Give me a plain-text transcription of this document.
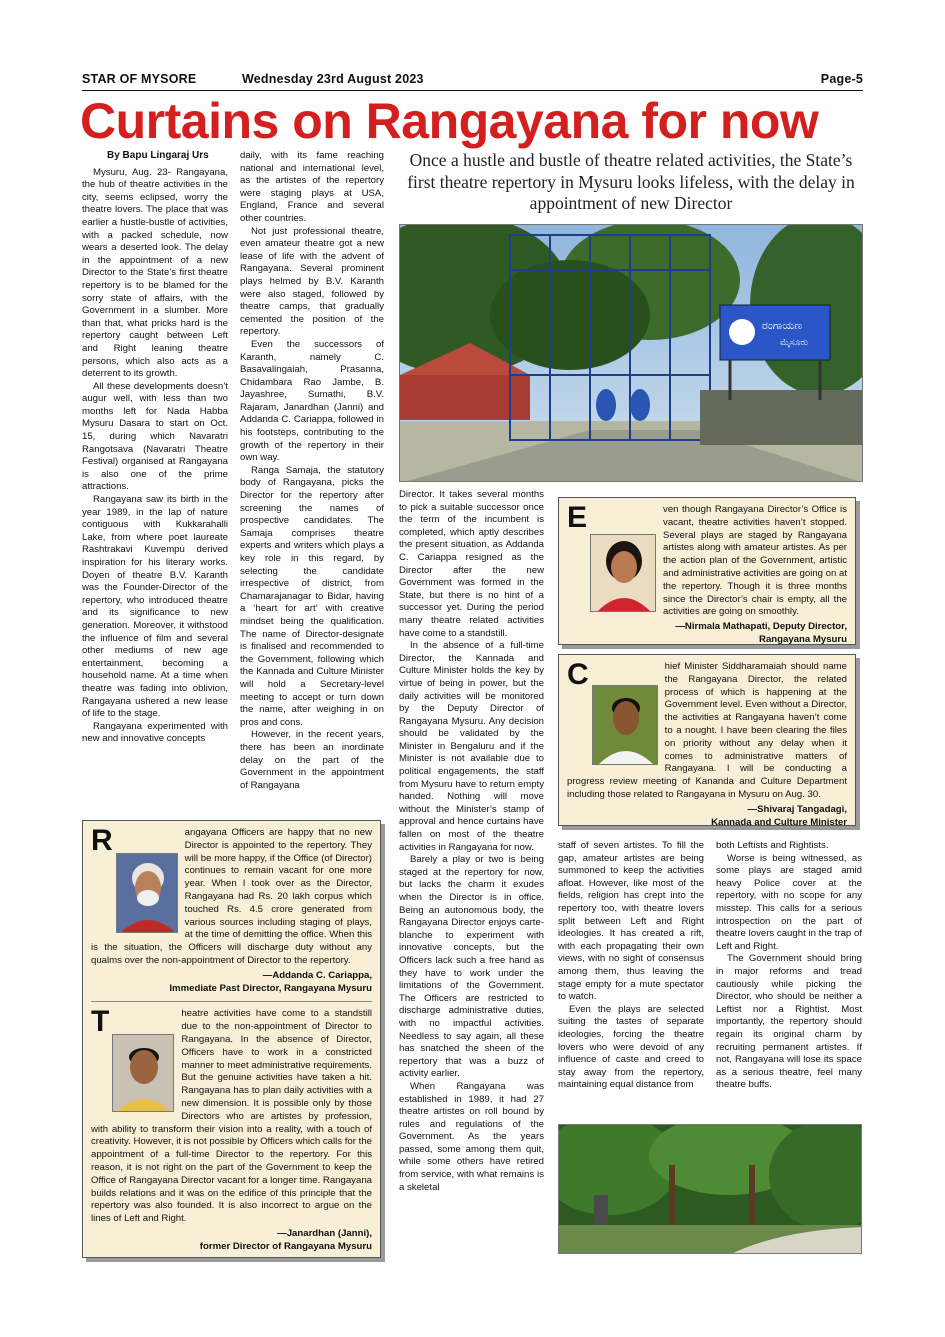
STAR OF MYSORE	Wednesday 23rd August 2023	Page-5
Curtains on Rangayana for now

By Bapu Lingaraj Urs

Mysuru, Aug. 23- Rangayana, the hub of theatre activities in the city, seems eclipsed, worry the theatre lovers. The place that was earlier a hustle-bustle of activities, with a packed schedule, now wears a deserted look. The delay in the appointment of a new Director to the State’s first theatre repertory is to be blamed for the sorry state of affairs, with the Government in a slumber. More than that, what pricks hard is the repertory caught between Left and Right leaning theatre persons, which also acts as a deterrent to its growth.

All these developments doesn’t augur well, with less than two months left for Nada Habba Mysuru Dasara to start on Oct. 15, during which Navaratri Rangotsava (Navaratri Theatre Festival) organised at Rangayana is also one of the prime attractions.

Rangayana saw its birth in the year 1989, in the lap of nature contiguous with Kukkarahalli Lake, from where poet laureate Rashtrakavi Kuvempu derived inspiration for his literary works. Doyen of theatre B.V. Karanth was the Founder-Director of the repertory, who introduced theatre and its significance to new generation. Moreover, it withstood the influence of film and several other mediums of new age entertainment, becoming a household name. At a time when theatre was fading into oblivion, Rangayana ushered a new lease of life to the stage.

Rangayana experimented with new and innovative concepts

daily, with its fame reaching national and international level, as the artistes of the repertory were staging plays at USA, England, France and several other countries.

Not just professional theatre, even amateur theatre got a new lease of life with the advent of Rangayana. Several prominent plays helmed by B.V. Karanth were also staged, followed by theatre camps, that gradually cemented the position of the repertory.

Even the successors of Karanth, namely C. Basavalingaiah, Prasanna, Chidambara Rao Jambe, B. Jayashree, Sumathi, B.V. Rajaram, Janardhan (Janni) and Addanda C. Cariappa, followed in his footsteps, contributing to the growth of the repertory in their own way.

Ranga Samaja, the statutory body of Rangayana, picks the Director for the repertory after screening the names of prospective candidates. The Samaja comprises theatre experts and writers which plays a key role in this regard, by selecting the candidate irrespective of district, from Chamarajanagar to Bidar, having a ‘heart for art’ with creative mindset being the qualification. The name of Director-designate is finalised and recommended to the Government, following which the Kannada and Culture Minister will hold a Secretary-level meeting to accept or turn down the name, after weighing in on pros and cons.

However, in the recent years, there has been an inordinate delay on the part of the Government in the appointment of Rangayana

Once a hustle and bustle of theatre related activities, the State’s first theatre repertory in Mysuru looks lifeless, with the delay in appointment of new Director
ರಂಗಾಯಣ
ಮೈಸೂರು

Director. It takes several months to pick a suitable successor once the term of the incumbent is completed, which aptly describes the present situation, as Addanda C. Cariappa resigned as the Director after the new Government was formed in the State, but there is no hint of a successor yet. During the period many theatre related activities have come to a standstill.

In the absence of a full-time Director, the Kannada and Culture Minister holds the key by virtue of being in power, but the daily activities will be monitored by the Deputy Director of Rangayana Mysuru. Any decision should be validated by the Minister in Bengaluru and if the Minister is not available due to political engagements, the staff from Mysuru have to return empty handed. Nothing will move without the Minister’s stamp of approval and hence curtains have fallen on most of the theatre activities in Rangayana for now.

Barely a play or two is being staged at the repertory for now, but lacks the charm it exudes when the Director is in office. Being an autonomous body, the Rangayana Director enjoys carte-blanche to experiment with innovative concepts, but the Officers lack such a free hand as they have to work under the limitations of the Government. The Officers are restricted to discharge administrative duties, with no impactful activities. Needless to say again, all these has snatched the sheen of the repertory that was a buzz of activity earlier.

When Rangayana was established in 1989, it had 27 theatre artistes on roll bound by rules and regulations of the Government. As the years passed, some among them quit, while some others have retired from service, with what remains is a skeletal

E	ven though Rangayana Director’s Office is vacant, theatre activities haven’t stopped. Several plays are staged by Rangayana artistes along with amateur artistes. As per the action plan of the Government, artistic and administrative activities are going on at the repertory. Though it is three months since the Director’s chair is empty, all the activities are going on smoothly.
—Nirmala Mathapati, Deputy Director,
Rangayana Mysuru
C	hief Minister Siddharamaiah should name the Rangayana Director, the related process of which is happening at the Government level. Even without a Director, the activities at Rangayana haven’t come to a nought. I have been clearing the files on priority without any delay when it comes to administrative matters of Rangayana. I will be conducting a progress review meeting of Kananda and Culture Department including those related to Rangayana in Mysuru on Aug. 30.
—Shivaraj Tangadagi,
Kannada and Culture Minister

staff of seven artistes. To fill the gap, amateur artistes are being summoned to keep the activities afloat. However, like most of the fields, religion has crept into the repertory too, with theatre lovers split between Left and Right ideologies. It has created a rift, with each propagating their own views, with no sight of consensus among them, thus leaving the stage empty for a mute spectator to watch.

Even the plays are selected suiting the tastes of separate ideologies, forcing the theatre lovers who were devoid of any influence of caste and creed to stay away from the repertory, maintaining equal distance from

both Leftists and Rightists.

Worse is being witnessed, as some plays are staged amid heavy Police cover at the repertory, with no scope for any misstep. This calls for a serious introspection on the part of theatre lovers caught in the trap of Left and Right.

The Government should bring in major reforms and tread cautiously while picking the Director, who should be neither a Leftist nor a Rightist. Most importantly, the repertory should regain its original charm by recruiting permanent artistes. If not, Rangayana will lose its space as a serious theatre, feel many theatre buffs.

R	angayana Officers are happy that no new Director is appointed to the repertory. They will be more happy, if the Office (of Director) continues to remain vacant for one more year. When I took over as the Director, Rangayana had Rs. 20 lakh corpus which touched Rs. 4.5 crore generated from various sources including staging of plays, at the time of demitting the office. When this is the situation, the Officers will discharge duty without any qualms over the non-appointment of Director to the repertory.
—Addanda C. Cariappa,
Immediate Past Director, Rangayana Mysuru
T	heatre activities have come to a standstill due to the non-appointment of Director to Rangayana. In the absence of Director, Officers have to work in a constricted manner to meet administrative requirements. But the genuine activities have taken a hit. Rangayana has to plan daily activities with a new dimension. It is possible only by those Directors who are artistes by profession, with ability to transform their vision into a reality, with a touch of creativity. However, it is not possible by Officers which calls for the appointment of a full-time Director to the repertory. For this reason, it is not right on the part of the Government to keep the Office of Rangayana Director vacant for a longer time. Rangayana builds relations and it was on the edifice of this principle that the repertory was also founded. It is also incorrect to argue on the lines of Left and Right.
—Janardhan (Janni),
former Director of Rangayana Mysuru
